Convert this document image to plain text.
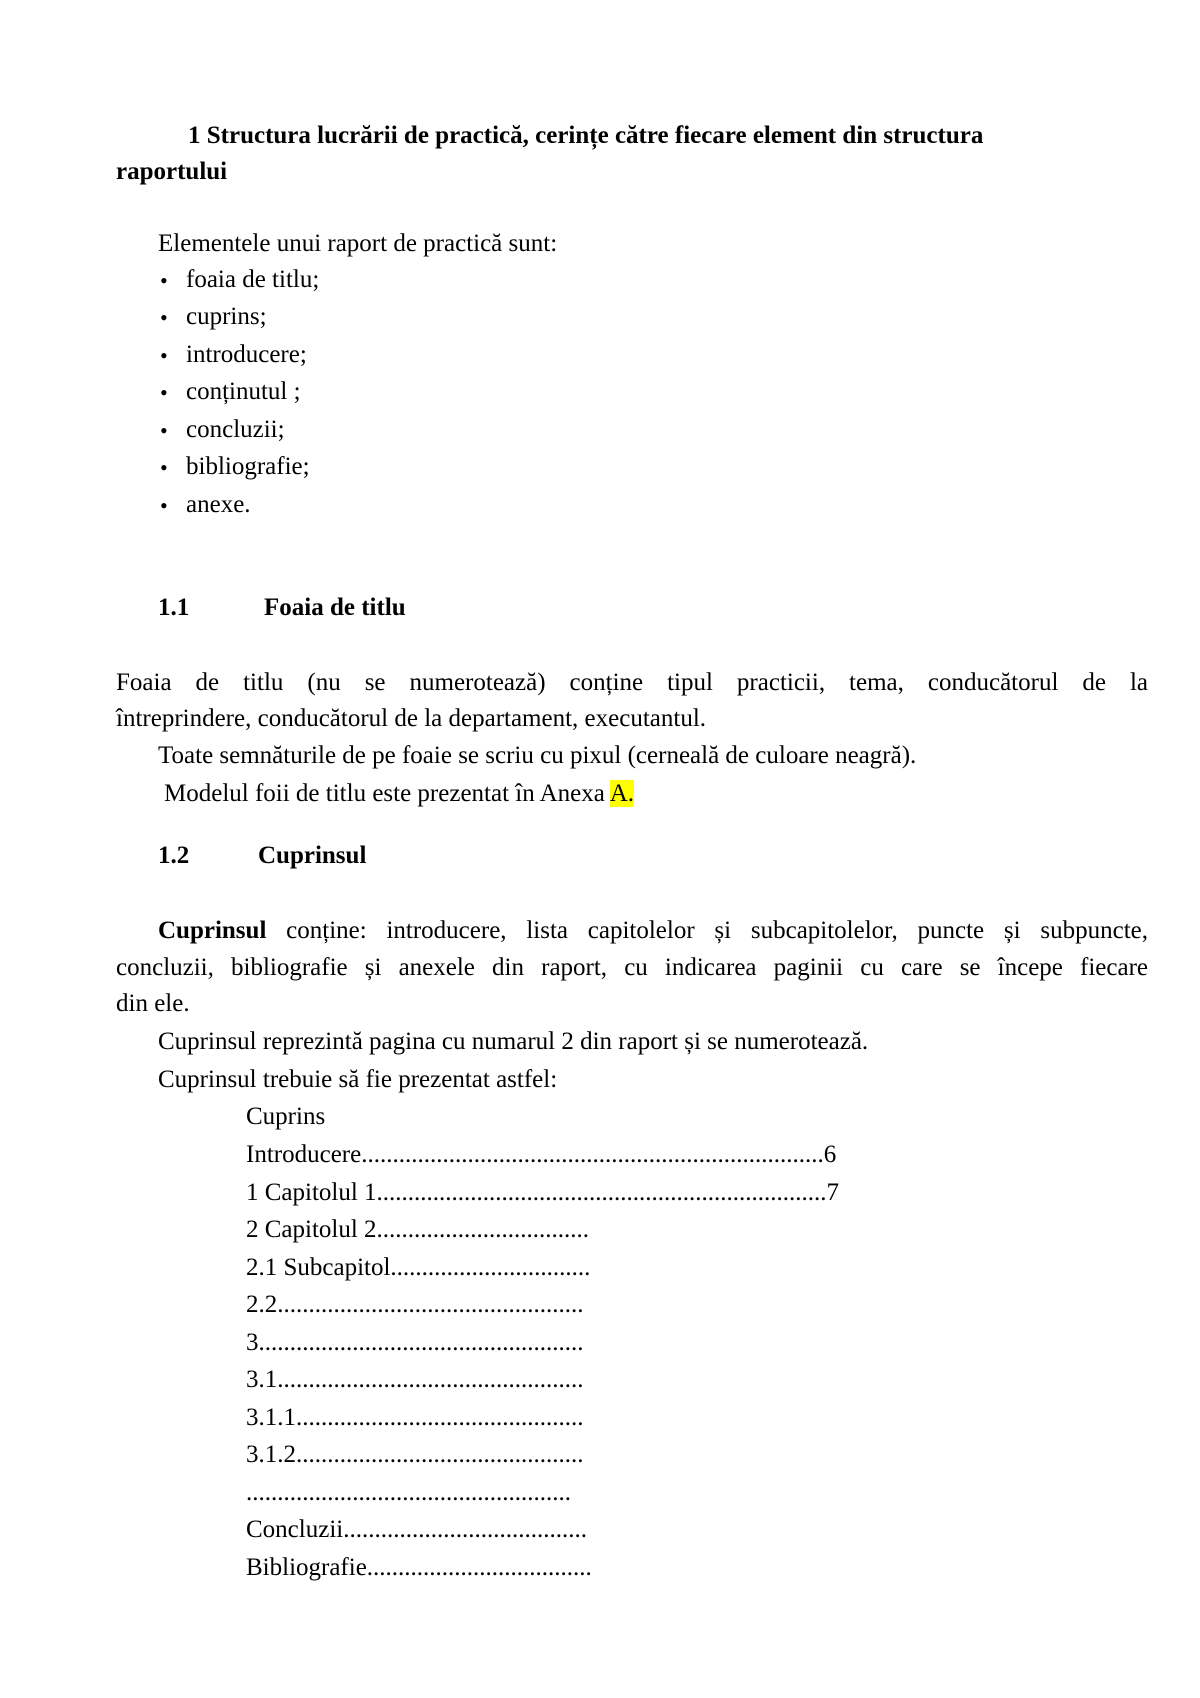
1 Structura lucrării de practică, cerințe către fiecare element din structura
raportului
Elementele unui raport de practică sunt:
• foaia de titlu;
• cuprins;
• introducere;
• conținutul ;
• concluzii;
• bibliografie;
• anexe.
1.1	Foaia de titlu
Foaia de titlu (nu se numerotează) conține tipul practicii, tema, conducătorul de la
întreprindere, conducătorul de la departament, executantul.
Toate semnăturile de pe foaie se scriu cu pixul (cerneală de culoare neagră).
Modelul foii de titlu este prezentat în Anexa A.
1.2	Cuprinsul
Cuprinsul conține: introducere, lista capitolelor și subcapitolelor, puncte și subpuncte,
concluzii, bibliografie și anexele din raport, cu indicarea paginii cu care se începe fiecare
din ele.
Cuprinsul reprezintă pagina cu numarul 2 din raport și se numerotează.
Cuprinsul trebuie să fie prezentat astfel:
Cuprins
Introducere..........................................................................6
1 Capitolul 1........................................................................7
2 Capitolul 2..................................
2.1 Subcapitol................................
2.2.................................................
3....................................................
3.1.................................................
3.1.1..............................................
3.1.2..............................................
....................................................
Concluzii.......................................
Bibliografie....................................
